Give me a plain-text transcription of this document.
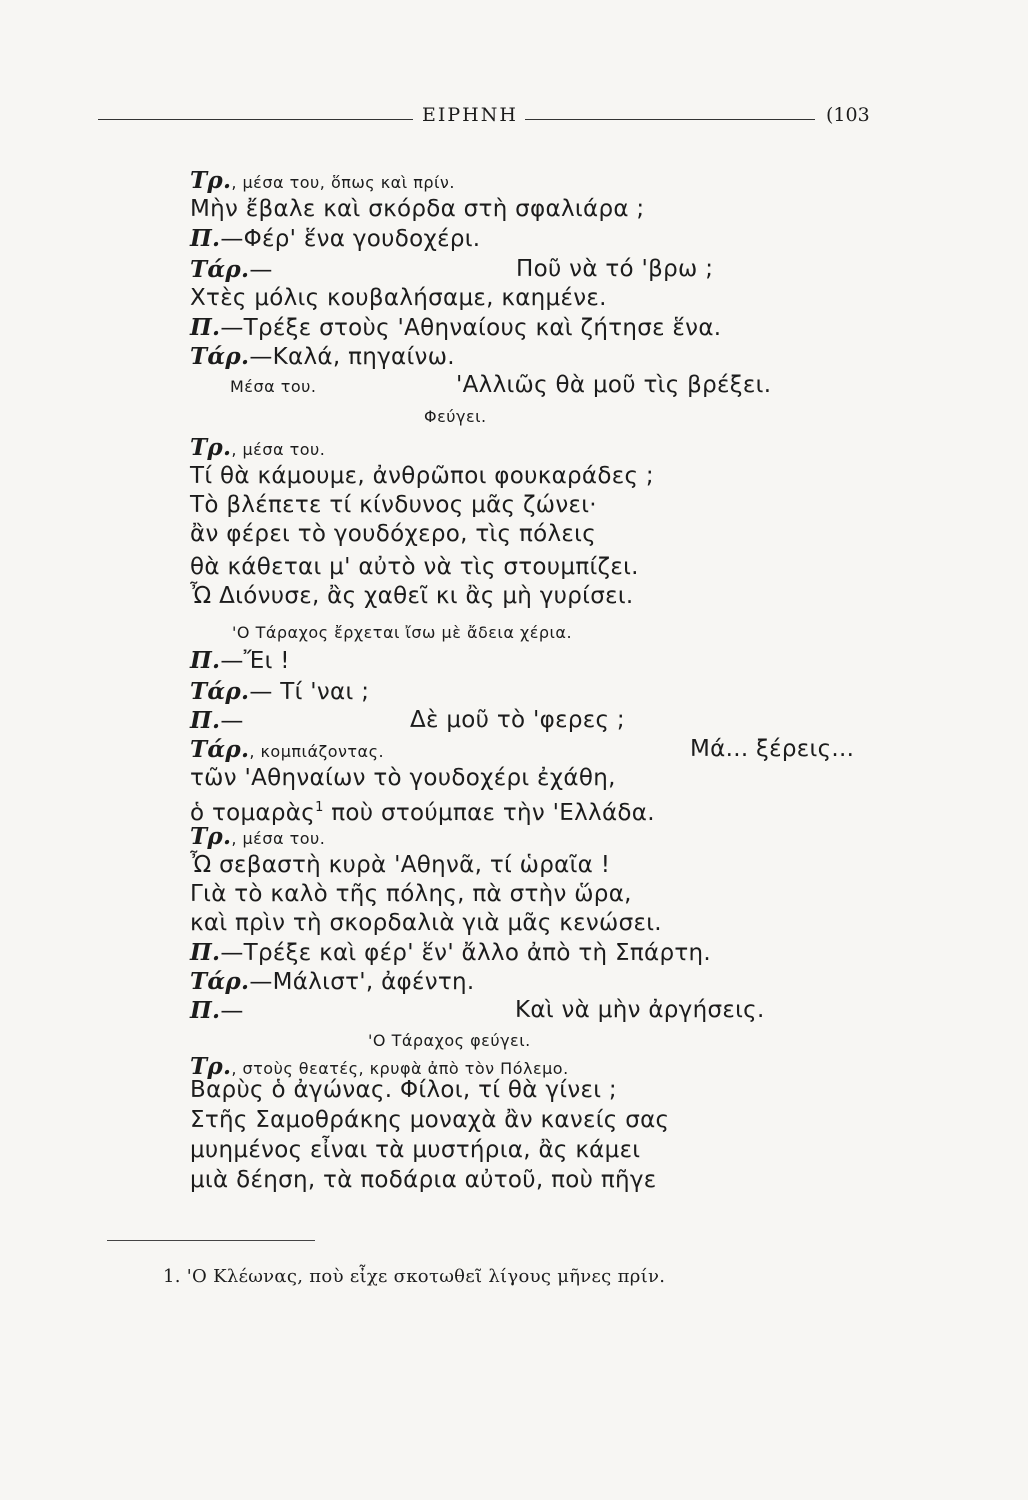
ΕΙΡΗΝΗ	(103
Τρ., μέσα του, ὅπως καὶ πρίν.
Μὴν ἔβαλε καὶ σκόρδα στὴ σφαλιάρα ;
Π.—Φέρ' ἕνα γουδοχέρι.
Τάρ.—	Ποῦ νὰ τό 'βρω ;
Χτὲς μόλις κουβαλήσαμε, καημένε.
Π.—Τρέξε στοὺς 'Αθηναίους καὶ ζήτησε ἕνα.
Τάρ.—Καλά, πηγαίνω.
Μέσα του.	'Αλλιῶς θὰ μοῦ τὶς βρέξει.
Φεύγει.
Τρ., μέσα του.
Τί θὰ κάμουμε, ἀνθρῶποι φουκαράδες ;
Τὸ βλέπετε τί κίνδυνος μᾶς ζώνει·
ἂν φέρει τὸ γουδόχερο, τὶς πόλεις
θὰ κάθεται μ' αὐτὸ νὰ τὶς στουμπίζει.
Ὦ Διόνυσε, ἂς χαθεῖ κι ἂς μὴ γυρίσει.
'Ο Τάραχος ἔρχεται ἴσω μὲ ἄδεια χέρια.
Π.—Ἔι !
Τάρ.— Τί 'ναι ;
Π.—	Δὲ μοῦ τὸ 'φερες ;
Τάρ., κομπιάζοντας.	Μά... ξέρεις...
τῶν 'Αθηναίων τὸ γουδοχέρι ἐχάθη,
ὁ τομαρὰς$^1$ ποὺ στούμπαε τὴν 'Ελλάδα.
Τρ., μέσα του.
Ὦ σεβαστὴ κυρὰ 'Αθηνᾶ, τί ὡραῖα !
Γιὰ τὸ καλὸ τῆς πόλης, πὰ στὴν ὥρα,
καὶ πρὶν τὴ σκορδαλιὰ γιὰ μᾶς κενώσει.
Π.—Τρέξε καὶ φέρ' ἕν' ἄλλο ἀπὸ τὴ Σπάρτη.
Τάρ.—Μάλιστ', ἀφέντη.
Π.—	Καὶ νὰ μὴν ἀργήσεις.
'Ο Τάραχος φεύγει.
Τρ., στοὺς θεατές, κρυφὰ ἀπὸ τὸν Πόλεμο.
Βαρὺς ὁ ἀγώνας. Φίλοι, τί θὰ γίνει ;
Στῆς Σαμοθράκης μοναχὰ ἂν κανείς σας
μυημένος εἶναι τὰ μυστήρια, ἂς κάμει
μιὰ δέηση, τὰ ποδάρια αὐτοῦ, ποὺ πῆγε
1. 'Ο Κλέωνας, ποὺ εἶχε σκοτωθεῖ λίγους μῆνες πρίν.
